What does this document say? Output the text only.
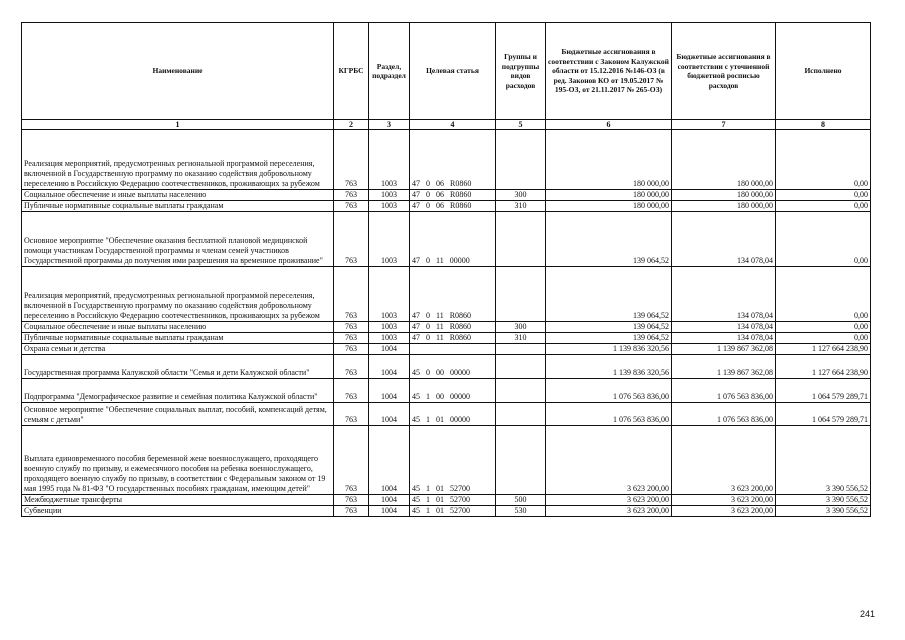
Наименование	КГРБС	Раздел, подраздел	Целевая статья	Группы и подгруппы видов расходов	Бюджетные ассигнования в соответствии с Законом Калужской области от 15.12.2016 №146-ОЗ (в ред. Законов КО от 19.05.2017 № 195-ОЗ, от 21.11.2017 № 265-ОЗ)	Бюджетные ассигнования в соответствии с уточненной бюджетной росписью расходов	Исполнено
1	2	3	4	5	6	7	8
Реализация мероприятий, предусмотренных региональной программой переселения, включенной в Государственную программу по оказанию содействия добровольному переселению в Российскую Федерацию соотечественников, проживающих за рубежом	763	1003	47 0 06 R0860		180 000,00	180 000,00	0,00
Социальное обеспечение и иные выплаты населению	763	1003	47 0 06 R0860	300	180 000,00	180 000,00	0,00
Публичные нормативные социальные выплаты гражданам	763	1003	47 0 06 R0860	310	180 000,00	180 000,00	0,00
Основное мероприятие "Обеспечение оказания бесплатной плановой медицинской помощи участникам Государственной программы и членам семей участников Государственной программы до получения ими разрешения на временное проживание"	763	1003	47 0 11 00000		139 064,52	134 078,04	0,00
Реализация мероприятий, предусмотренных региональной программой переселения, включенной в Государственную программу по оказанию содействия добровольному переселению в Российскую Федерацию соотечественников, проживающих за рубежом	763	1003	47 0 11 R0860		139 064,52	134 078,04	0,00
Социальное обеспечение и иные выплаты населению	763	1003	47 0 11 R0860	300	139 064,52	134 078,04	0,00
Публичные нормативные социальные выплаты гражданам	763	1003	47 0 11 R0860	310	139 064,52	134 078,04	0,00
Охрана семьи и детства	763	1004			1 139 836 320,56	1 139 867 362,08	1 127 664 238,90
Государственная программа Калужской области "Семья и дети Калужской области"	763	1004	45 0 00 00000		1 139 836 320,56	1 139 867 362,08	1 127 664 238,90
Подпрограмма "Демографическое развитие и семейная политика Калужской области"	763	1004	45 1 00 00000		1 076 563 836,00	1 076 563 836,00	1 064 579 289,71
Основное мероприятие "Обеспечение социальных выплат, пособий, компенсаций детям, семьям с детьми"	763	1004	45 1 01 00000		1 076 563 836,00	1 076 563 836,00	1 064 579 289,71
Выплата единовременного пособия беременной жене военнослужащего, проходящего военную службу по призыву, и ежемесячного пособия на ребенка военнослужащего, проходящего военную службу по призыву, в соответствии с Федеральным законом от 19 мая 1995 года № 81-ФЗ "О государственных пособиях гражданам, имеющим детей"	763	1004	45 1 01 52700		3 623 200,00	3 623 200,00	3 390 556,52
Межбюджетные трансферты	763	1004	45 1 01 52700	500	3 623 200,00	3 623 200,00	3 390 556,52
Субвенции	763	1004	45 1 01 52700	530	3 623 200,00	3 623 200,00	3 390 556,52
241
